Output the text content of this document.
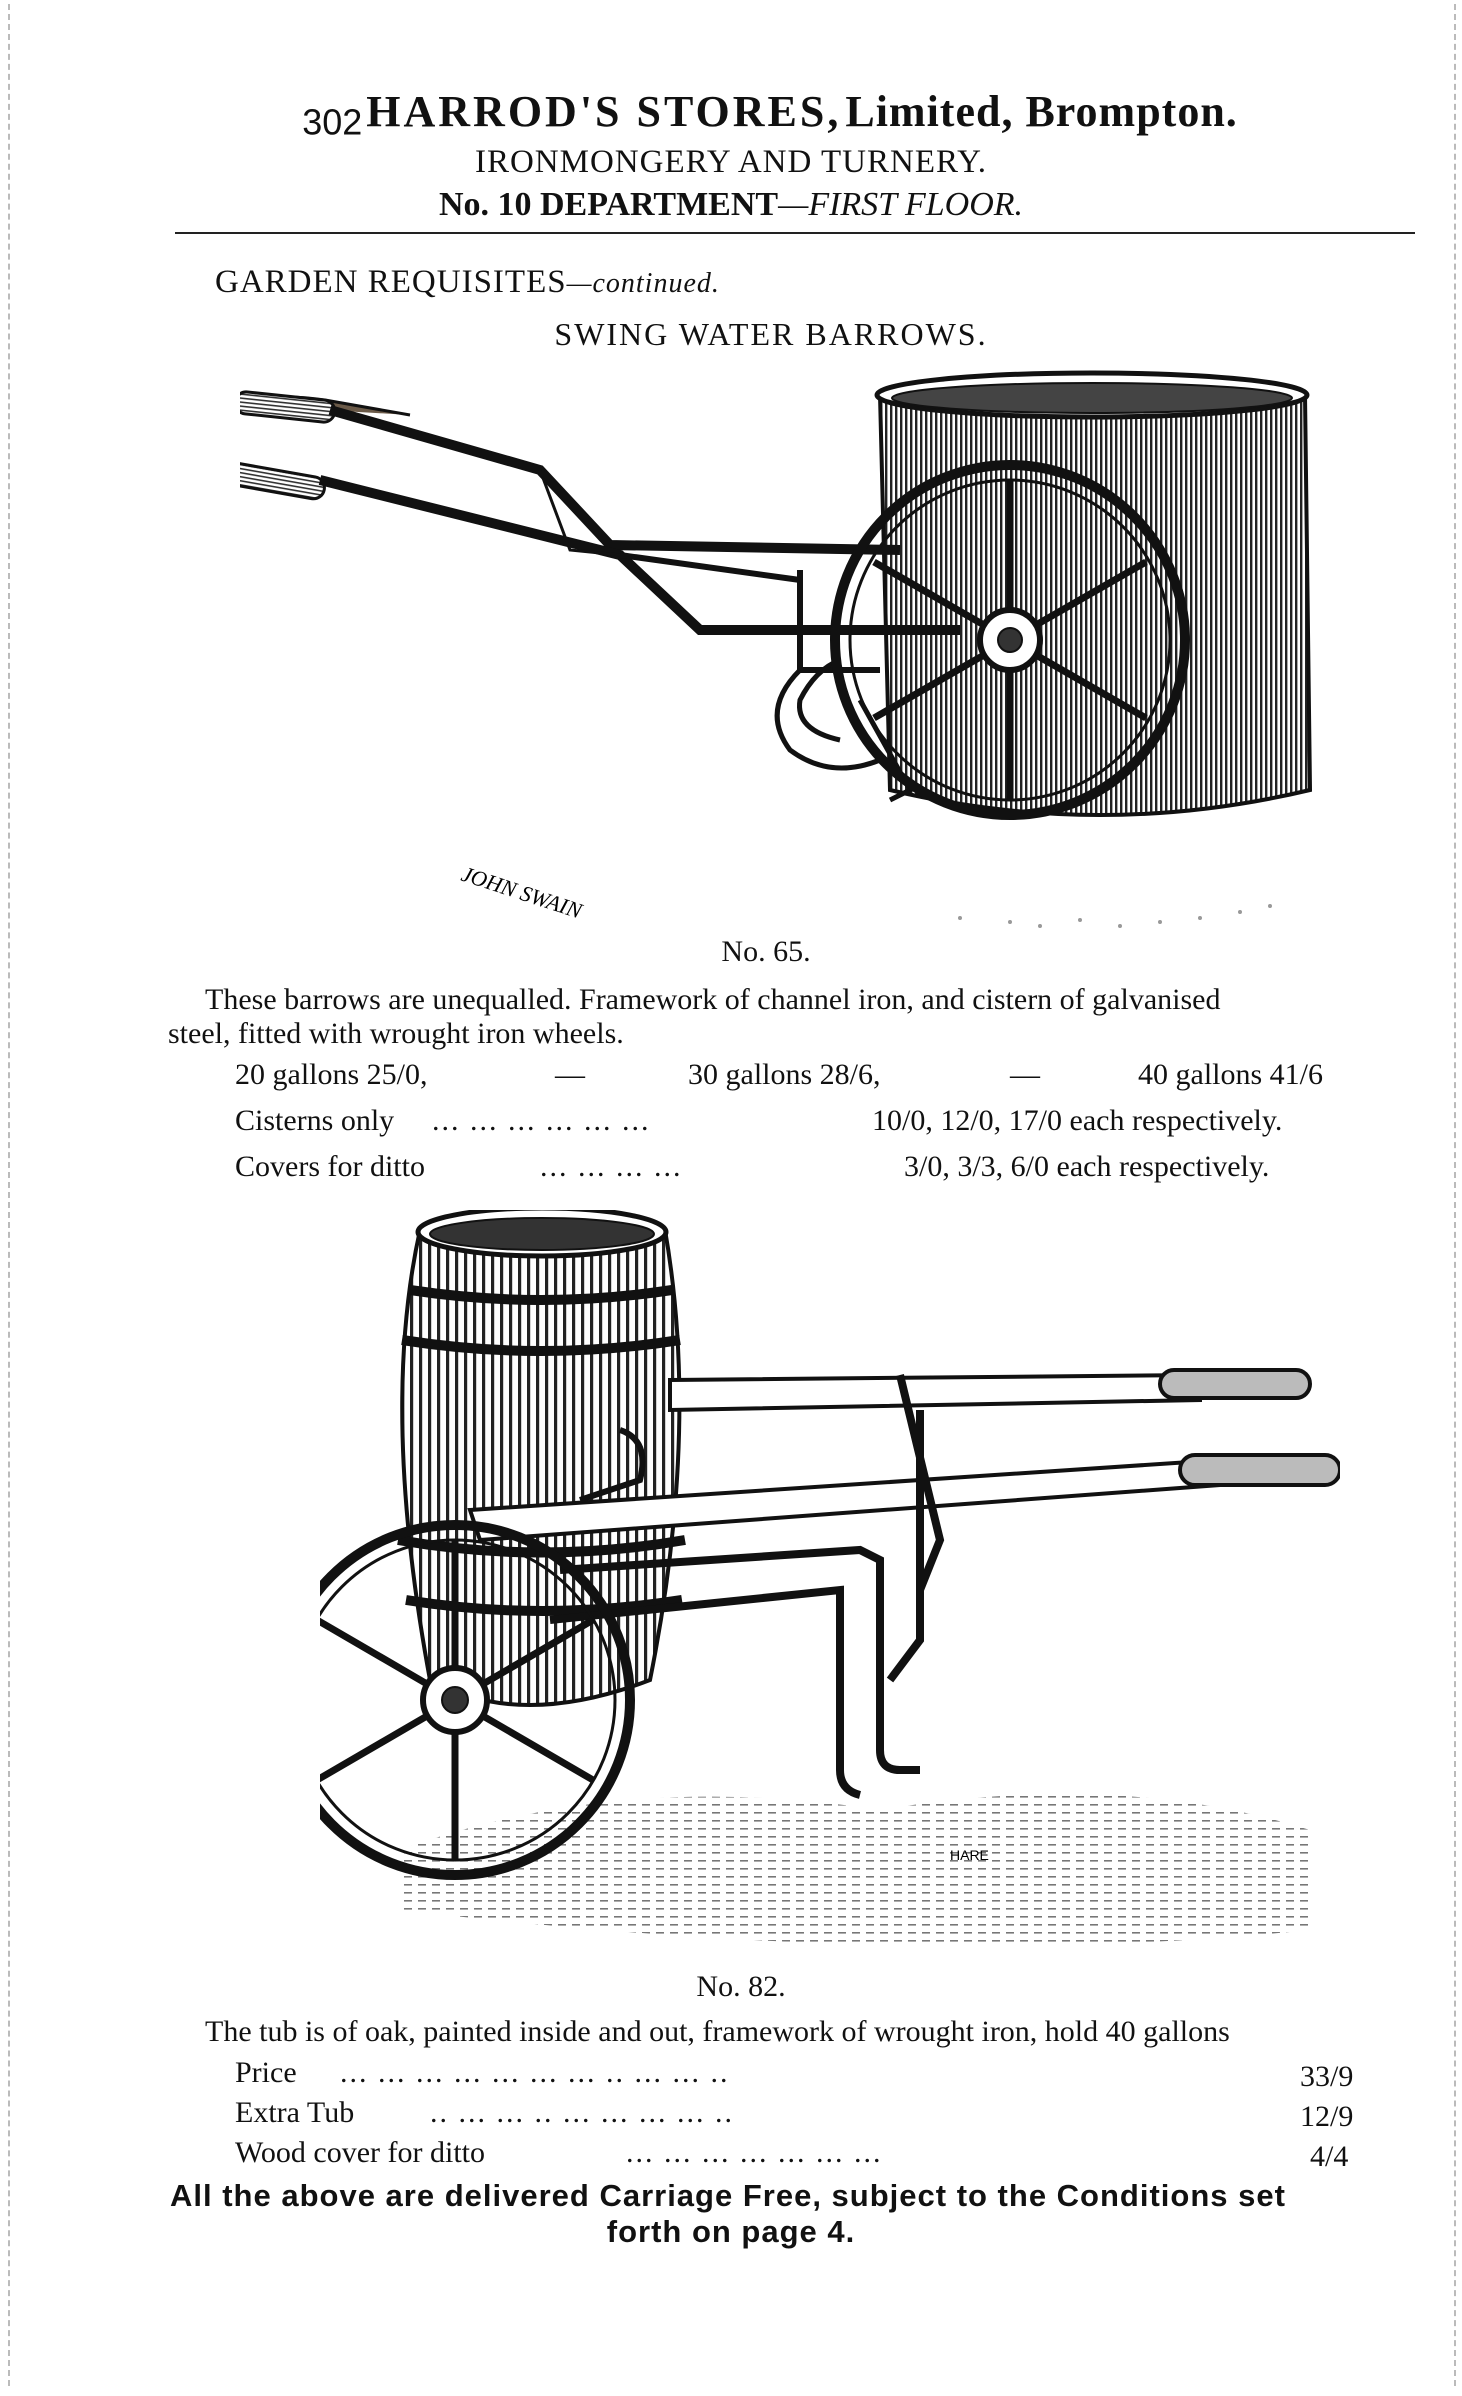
302 HARROD'S STORES, Limited, Brompton.
IRONMONGERY AND TURNERY.
No. 10 DEPARTMENT—FIRST FLOOR.
GARDEN REQUISITES—continued.
SWING WATER BARROWS.
JOHN SWAIN
No. 65.
These barrows are unequalled. Framework of channel iron, and cistern of galvanised
steel, fitted with wrought iron wheels.
20 gallons 25/0,	—	30 gallons 28/6,	—	40 gallons 41/6
Cisterns only ... ... ... ... ... ...	10/0, 12/0, 17/0 each respectively.
Covers for ditto	... ... ... ...	3/0, 3/3, 6/0 each respectively.
HARE
No. 82.
The tub is of oak, painted inside and out, framework of wrought iron, hold 40 gallons
Price ... ... ... ... ... ... ... .. ... ... ..	33/9
Extra Tub	.. ... ... .. ... ... ... ... ..	12/9
Wood cover for ditto	... ... ... ... ... ... ...	4/4
All the above are delivered Carriage Free, subject to the Conditions set
forth on page 4.
